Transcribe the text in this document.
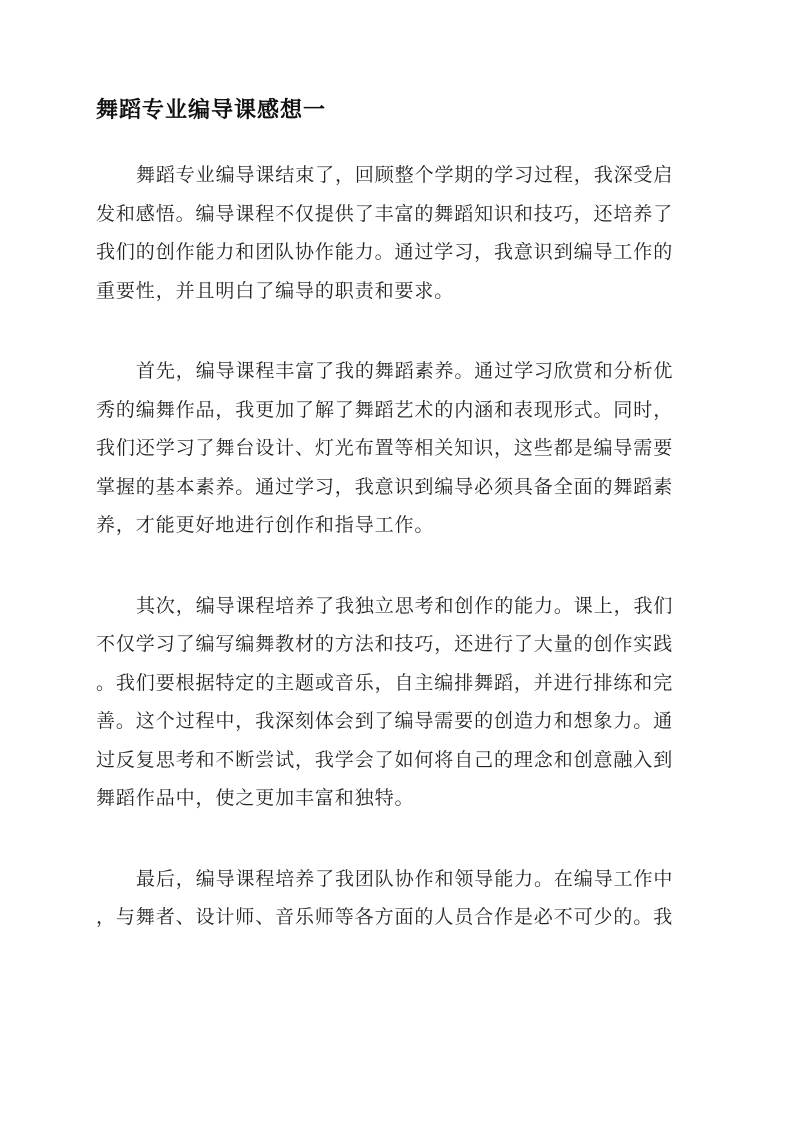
舞蹈专业编导课感想一

舞蹈专业编导课结束了，回顾整个学期的学习过程，我深受启
发和感悟。编导课程不仅提供了丰富的舞蹈知识和技巧，还培养了
我们的创作能力和团队协作能力。通过学习，我意识到编导工作的
重要性，并且明白了编导的职责和要求。

首先，编导课程丰富了我的舞蹈素养。通过学习欣赏和分析优
秀的编舞作品，我更加了解了舞蹈艺术的内涵和表现形式。同时，
我们还学习了舞台设计、灯光布置等相关知识，这些都是编导需要
掌握的基本素养。通过学习，我意识到编导必须具备全面的舞蹈素
养，才能更好地进行创作和指导工作。

其次，编导课程培养了我独立思考和创作的能力。课上，我们
不仅学习了编写编舞教材的方法和技巧，还进行了大量的创作实践
。我们要根据特定的主题或音乐，自主编排舞蹈，并进行排练和完
善。这个过程中，我深刻体会到了编导需要的创造力和想象力。通
过反复思考和不断尝试，我学会了如何将自己的理念和创意融入到
舞蹈作品中，使之更加丰富和独特。

最后，编导课程培养了我团队协作和领导能力。在编导工作中
，与舞者、设计师、音乐师等各方面的人员合作是必不可少的。我
